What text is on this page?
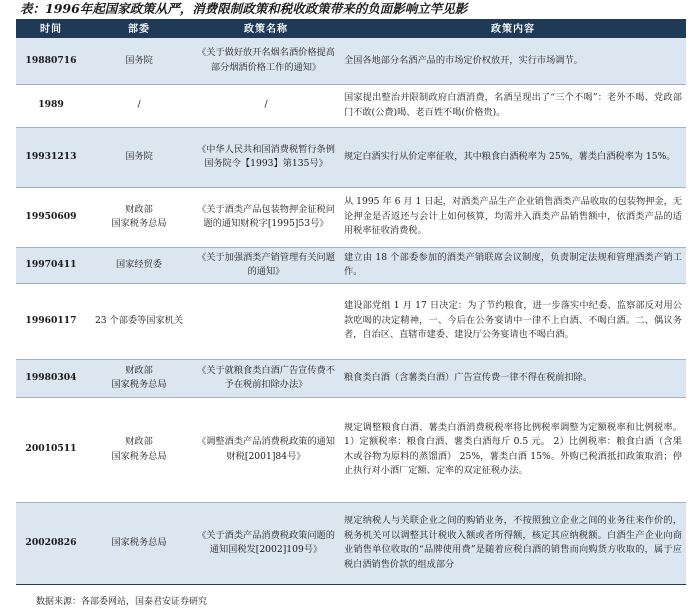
表：1996年起国家政策从严，消费限制政策和税收政策带来的负面影响立竿见影
时间	部委	政策名称	政策内容
19880716	国务院	《关于做好放开名烟名酒价格提高部分烟酒价格工作的通知》	全国各地部分名酒产品的市场定价权放开，实行市场调节。
1989	/	/	国家提出整治并限制政府白酒消费，名酒呈现出了“三个不喝”：老外不喝、党政部门不敢(公费)喝、老百姓不喝(价格贵)。
19931213	国务院	《中华人民共和国消费税暂行条例国务院令【1993】第135号》	规定白酒实行从价定率征收，其中粮食白酒税率为 25%，薯类白酒税率为 15%。
19950609	财政部
国家税务总局	《关于酒类产品包装物押金征税问题的通知财税字[1995]53号》	从 1995 年 6 月 1 日起，对酒类产品生产企业销售酒类产品收取的包装物押金，无论押金是否返还与会计上如何核算，均需并入酒类产品销售额中，依酒类产品的适用税率征收消费税。
19970411	国家经贸委	《关于加强酒类产销管理有关问题的通知》	建立由 18 个部委参加的酒类产销联席会议制度，负责制定法规和管理酒类产销工作。
19960117	23 个部委等国家机关		建设部党组 1 月 17 日决定：为了节约粮食，进一步落实中纪委、监察部反对用公款吃喝的决定精神，一、今后在公务宴请中一律不上白酒、不喝白酒。二、偶议务者，自治区、直辖市建委、建设厅公务宴请也不喝白酒。
19980304	财政部
国家税务总局	《关于就粮食类白酒广告宣传费不予在税前扣除办法》	粮食类白酒（含薯类白酒）广告宣传费一律不得在税前扣除。
20010511	财政部
国家税务总局	《调整酒类产品消费税政策的通知财税[2001]84号》	规定调整粮食白酒、薯类白酒消费税税率将比例税率调整为定额税率和比例税率。 1）定额税率：粮食白酒、薯类白酒每斤 0.5 元。 2）比例税率：粮食白酒（含果木或谷物为原料的蒸馏酒） 25%，薯类白酒 15%。外购已税酒抵扣政策取消；停止执行对小酒厂定额、定率的双定征税办法。
20020826	国家税务总局	《关于酒类产品消费税政策问题的通知国税发[2002]109号》	规定纳税人与关联企业之间的购销业务，不按照独立企业之间的业务往来作价的，税务机关可以调整其计税收入额或者所得额，核定其应纳税额。白酒生产企业向商业销售单位收取的“品牌使用费”是随着应税白酒的销售而向购货方收取的，属于应税白酒销售价款的组成部分
数据来源：各部委网站，国泰君安证券研究
